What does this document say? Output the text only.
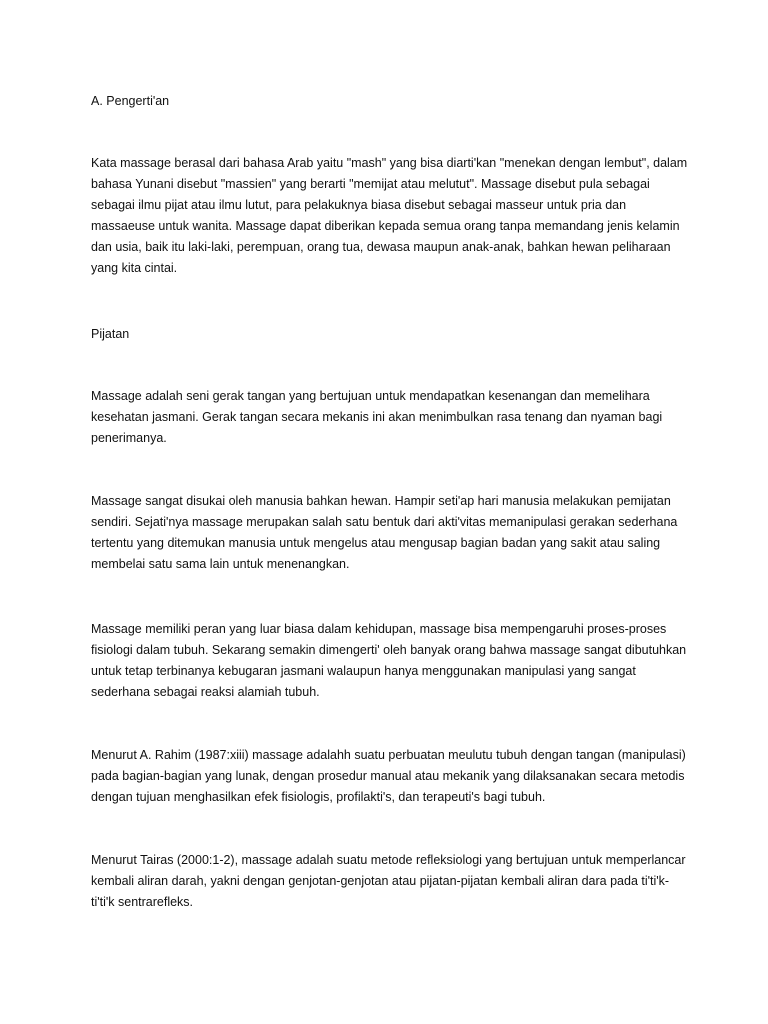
A. Pengerti'an

Kata massage berasal dari bahasa Arab yaitu "mash" yang bisa diarti'kan "menekan dengan lembut", dalam bahasa Yunani disebut "massien" yang berarti "memijat atau melutut". Massage disebut pula sebagai sebagai ilmu pijat atau ilmu lutut, para pelakuknya biasa disebut sebagai masseur untuk pria dan massaeuse untuk wanita. Massage dapat diberikan kepada semua orang tanpa memandang jenis kelamin dan usia, baik itu laki-laki, perempuan, orang tua, dewasa maupun anak-anak, bahkan hewan peliharaan yang kita cintai.

Pijatan

Massage adalah seni gerak tangan yang bertujuan untuk mendapatkan kesenangan dan memelihara kesehatan jasmani. Gerak tangan secara mekanis ini akan menimbulkan rasa tenang dan nyaman bagi penerimanya.

Massage sangat disukai oleh manusia bahkan hewan. Hampir seti'ap hari manusia melakukan pemijatan sendiri. Sejati'nya massage merupakan salah satu bentuk dari akti'vitas memanipulasi gerakan sederhana tertentu yang ditemukan manusia untuk mengelus atau mengusap bagian badan yang sakit atau saling membelai satu sama lain untuk menenangkan.

Massage memiliki peran yang luar biasa dalam kehidupan, massage bisa mempengaruhi proses-proses fisiologi dalam tubuh. Sekarang semakin dimengerti' oleh banyak orang bahwa massage sangat dibutuhkan untuk tetap terbinanya kebugaran jasmani walaupun hanya menggunakan manipulasi yang sangat sederhana sebagai reaksi alamiah tubuh.

Menurut A. Rahim (1987:xiii) massage adalahh suatu perbuatan meulutu tubuh dengan tangan (manipulasi) pada bagian-bagian yang lunak, dengan prosedur manual atau mekanik yang dilaksanakan secara metodis dengan tujuan menghasilkan efek fisiologis, profilakti's, dan terapeuti's bagi tubuh.

Menurut Tairas (2000:1-2), massage adalah suatu metode refleksiologi yang bertujuan untuk memperlancar kembali aliran darah, yakni dengan genjotan-genjotan atau pijatan-pijatan kembali aliran dara pada ti'ti'k-ti'ti'k sentrarefleks.
